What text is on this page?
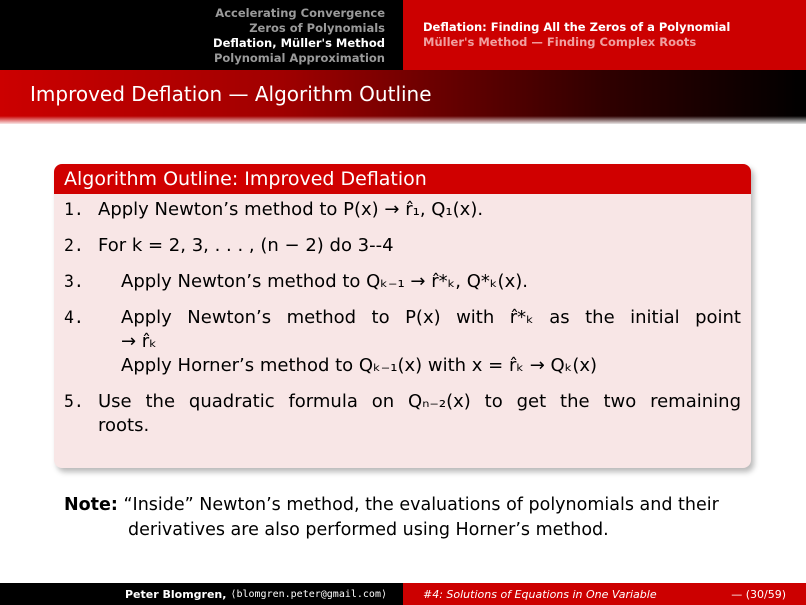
Accelerating Convergence
Zeros of Polynomials
Deflation, Müller's Method
Polynomial Approximation
Deflation: Finding All the Zeros of a Polynomial
Müller's Method — Finding Complex Roots
Improved Deflation — Algorithm Outline
Algorithm Outline: Improved Deflation
1. Apply Newton’s method to P(x) → r̂₁, Q₁(x).
2. For k = 2, 3, . . . , (n − 2) do 3--4
3.	Apply Newton’s method to Qₖ₋₁ → r̂*ₖ, Q*ₖ(x).
4.	Apply Newton’s method to P(x) with r̂*ₖ as the initial point
→ r̂ₖ
Apply Horner’s method to Qₖ₋₁(x) with x = r̂ₖ → Qₖ(x)
5. Use the quadratic formula on Qₙ₋₂(x) to get the two remaining
roots.
Note: “Inside” Newton’s method, the evaluations of polynomials and their
derivatives are also performed using Horner’s method.
Peter Blomgren, ⟨blomgren.peter@gmail.com⟩	#4: Solutions of Equations in One Variable	— (30/59)
